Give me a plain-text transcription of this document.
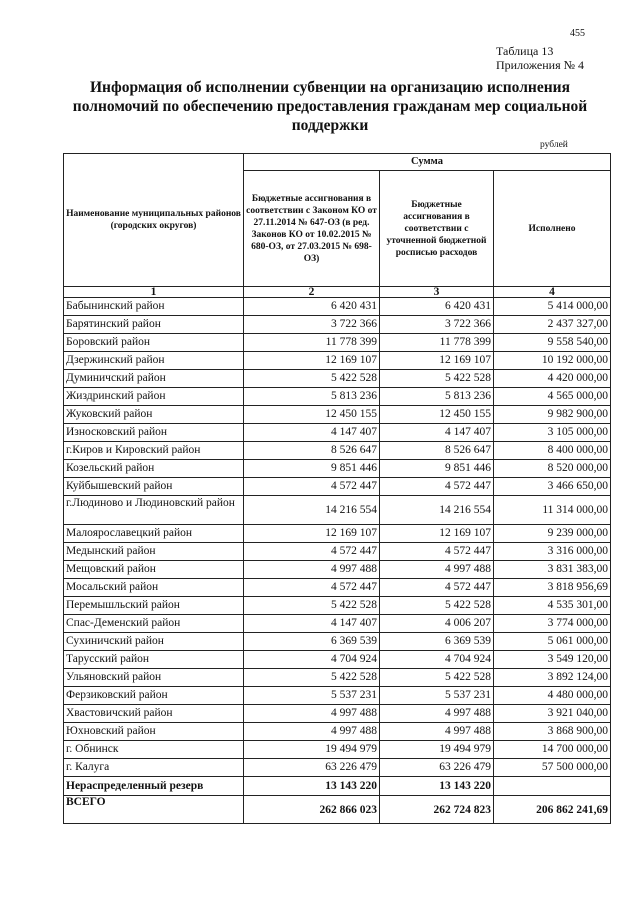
455
Таблица 13
Приложения № 4
Информация об исполнении субвенции на организацию исполнения полномочий по обеспечению предоставления гражданам мер социальной поддержки
рублей
Наименование муниципальных районов (городских округов)	Сумма		
	Бюджетные ассигнования в соответствии с Законом КО от 27.11.2014 № 647-ОЗ (в ред. Законов КО от 10.02.2015 № 680-ОЗ, от 27.03.2015 № 698-ОЗ)	Бюджетные ассигнования в соответствии с уточненной бюджетной росписью расходов	Исполнено
1	2	3	4
Бабынинский район	6 420 431	6 420 431	5 414 000,00
Барятинский район	3 722 366	3 722 366	2 437 327,00
Боровский район	11 778 399	11 778 399	9 558 540,00
Дзержинский район	12 169 107	12 169 107	10 192 000,00
Думиничский район	5 422 528	5 422 528	4 420 000,00
Жиздринский район	5 813 236	5 813 236	4 565 000,00
Жуковский район	12 450 155	12 450 155	9 982 900,00
Износковский район	4 147 407	4 147 407	3 105 000,00
г.Киров и Кировский район	8 526 647	8 526 647	8 400 000,00
Козельский район	9 851 446	9 851 446	8 520 000,00
Куйбышевский район	4 572 447	4 572 447	3 466 650,00
г.Людиново и Людиновский район	14 216 554	14 216 554	11 314 000,00
Малоярославецкий район	12 169 107	12 169 107	9 239 000,00
Медынский район	4 572 447	4 572 447	3 316 000,00
Мещовский район	4 997 488	4 997 488	3 831 383,00
Мосальский район	4 572 447	4 572 447	3 818 956,69
Перемышльский район	5 422 528	5 422 528	4 535 301,00
Спас-Деменский район	4 147 407	4 006 207	3 774 000,00
Сухиничский район	6 369 539	6 369 539	5 061 000,00
Тарусский район	4 704 924	4 704 924	3 549 120,00
Ульяновский район	5 422 528	5 422 528	3 892 124,00
Ферзиковский район	5 537 231	5 537 231	4 480 000,00
Хвастовичский район	4 997 488	4 997 488	3 921 040,00
Юхновский район	4 997 488	4 997 488	3 868 900,00
г. Обнинск	19 494 979	19 494 979	14 700 000,00
г. Калуга	63 226 479	63 226 479	57 500 000,00
Нераспределенный резерв	13 143 220	13 143 220	
ВСЕГО	262 866 023	262 724 823	206 862 241,69
